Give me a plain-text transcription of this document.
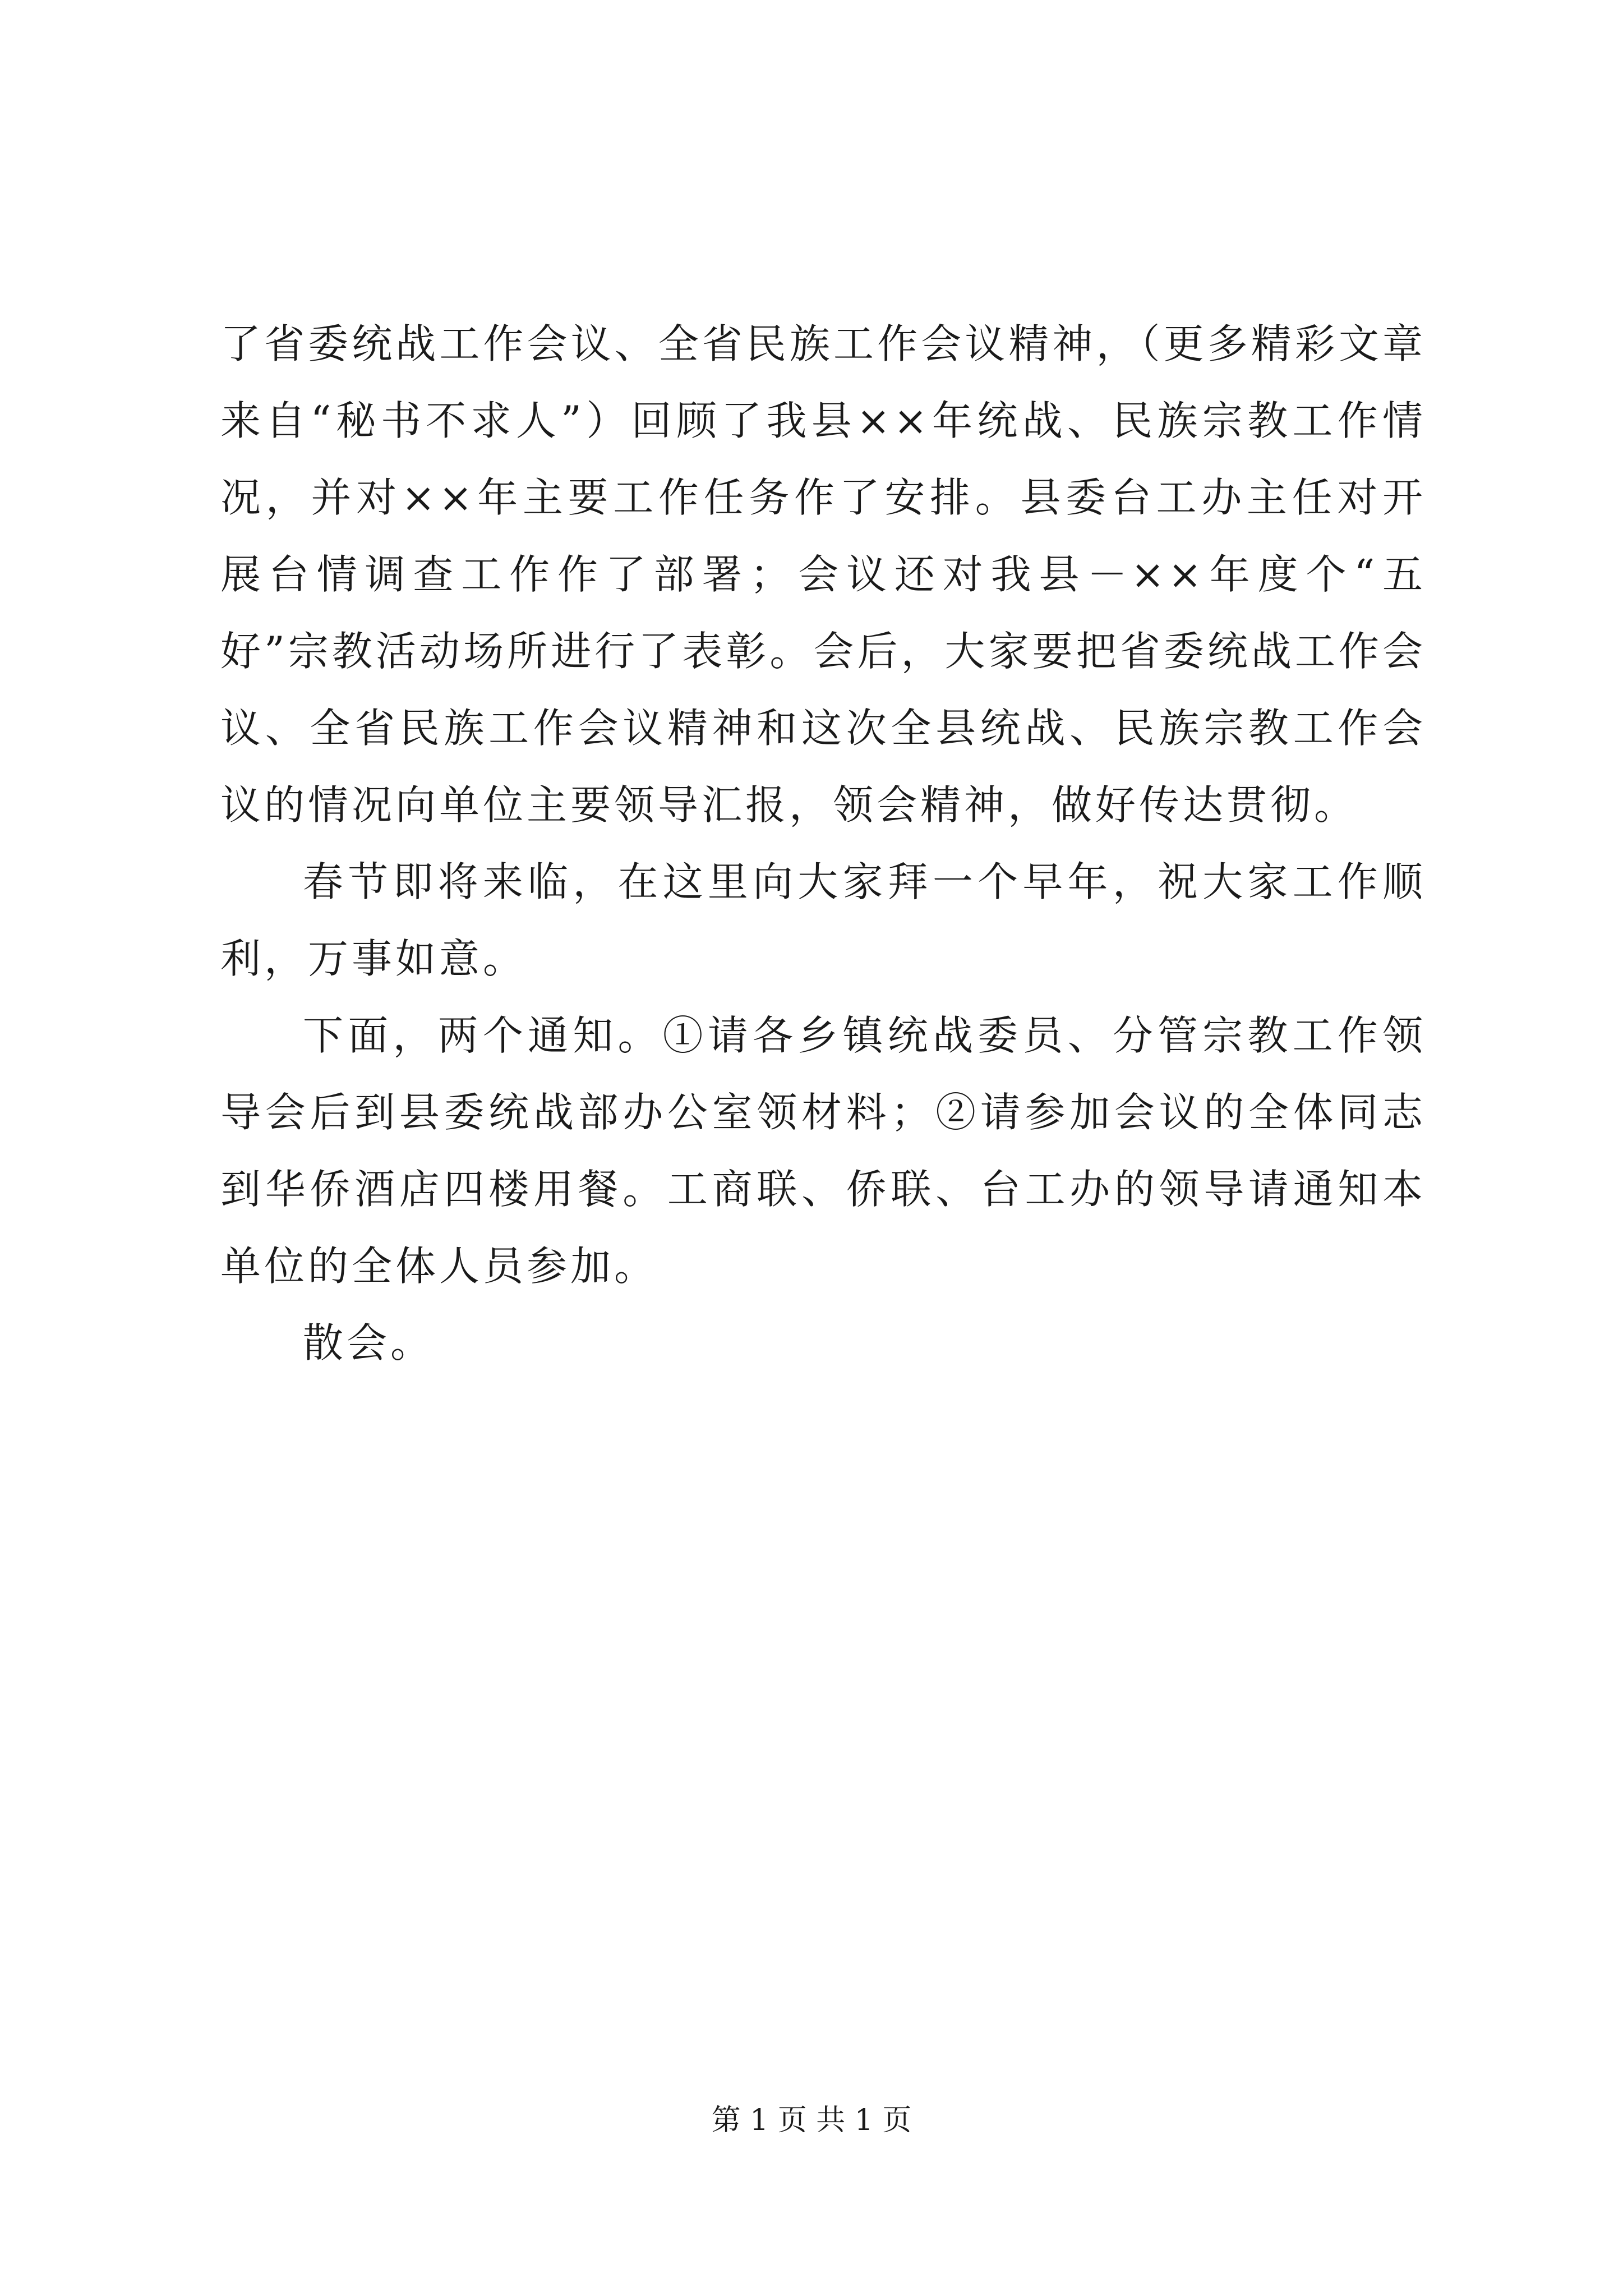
了省委统战工作会议、全省民族工作会议精神，（更多精彩文章来自“秘书不求人”）回顾了我县××年统战、民族宗教工作情况，并对××年主要工作任务作了安排。县委台工办主任对开展台情调查工作作了部署；会议还对我县－××年度个“五好”宗教活动场所进行了表彰。会后，大家要把省委统战工作会议、全省民族工作会议精神和这次全县统战、民族宗教工作会议的情况向单位主要领导汇报，领会精神，做好传达贯彻。

春节即将来临，在这里向大家拜一个早年，祝大家工作顺利，万事如意。

下面，两个通知。①请各乡镇统战委员、分管宗教工作领导会后到县委统战部办公室领材料；②请参加会议的全体同志到华侨酒店四楼用餐。工商联、侨联、台工办的领导请通知本单位的全体人员参加。

散会。

第 1 页 共 1 页
